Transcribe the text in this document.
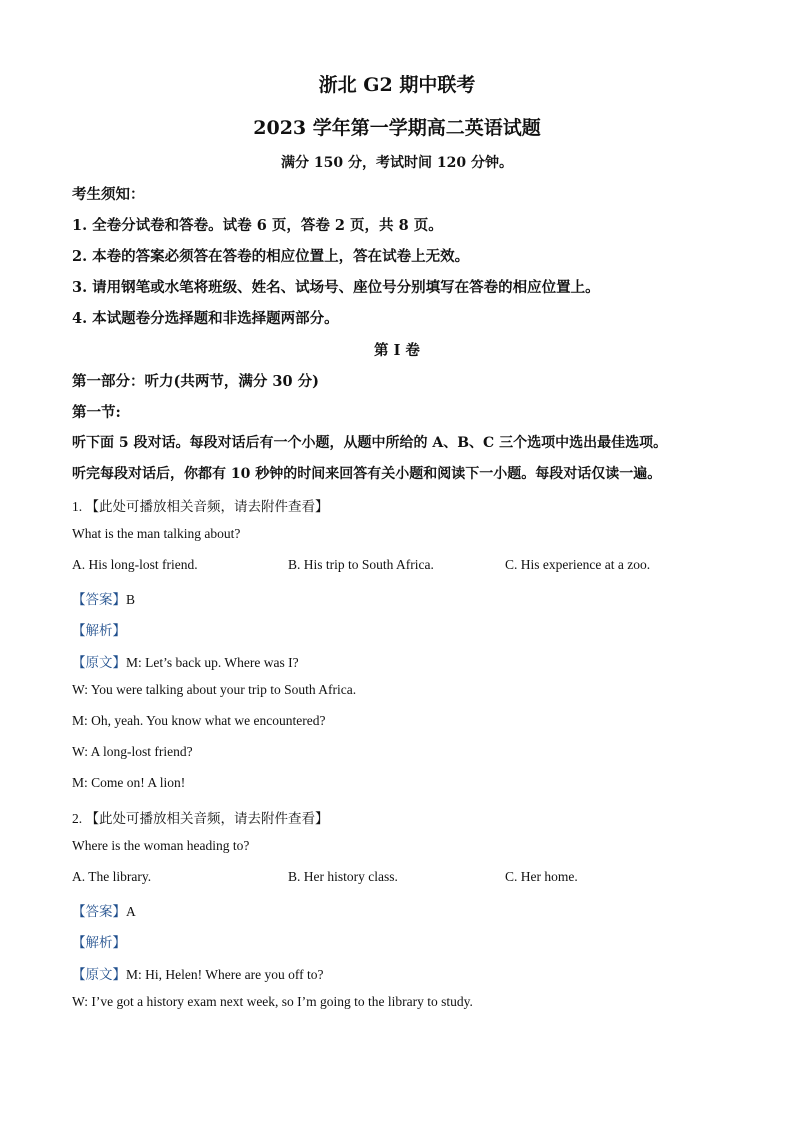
浙北 G2 期中联考
2023 学年第一学期高二英语试题
满分 150 分，考试时间 120 分钟。
考生须知：
1. 全卷分试卷和答卷。试卷 6 页，答卷 2 页，共 8 页。
2. 本卷的答案必须答在答卷的相应位置上，答在试卷上无效。
3. 请用钢笔或水笔将班级、姓名、试场号、座位号分别填写在答卷的相应位置上。
4. 本试题卷分选择题和非选择题两部分。
第 I 卷
第一部分：听力(共两节，满分 30 分)
第一节:
听下面 5 段对话。每段对话后有一个小题，从题中所给的 A、B、C 三个选项中选出最佳选项。
听完每段对话后，你都有 10 秒钟的时间来回答有关小题和阅读下一小题。每段对话仅读一遍。
1. 【此处可播放相关音频，请去附件查看】
What is the man talking about?
A. His long-lost friend.	B. His trip to South Africa.	C. His experience at a zoo.
【答案】B
【解析】
【原文】M: Let’s back up. Where was I?
W: You were talking about your trip to South Africa.
M: Oh, yeah. You know what we encountered?
W: A long-lost friend?
M: Come on! A lion!
2. 【此处可播放相关音频，请去附件查看】
Where is the woman heading to?
A. The library.	B. Her history class.	C. Her home.
【答案】A
【解析】
【原文】M: Hi, Helen! Where are you off to?
W: I’ve got a history exam next week, so I’m going to the library to study.
